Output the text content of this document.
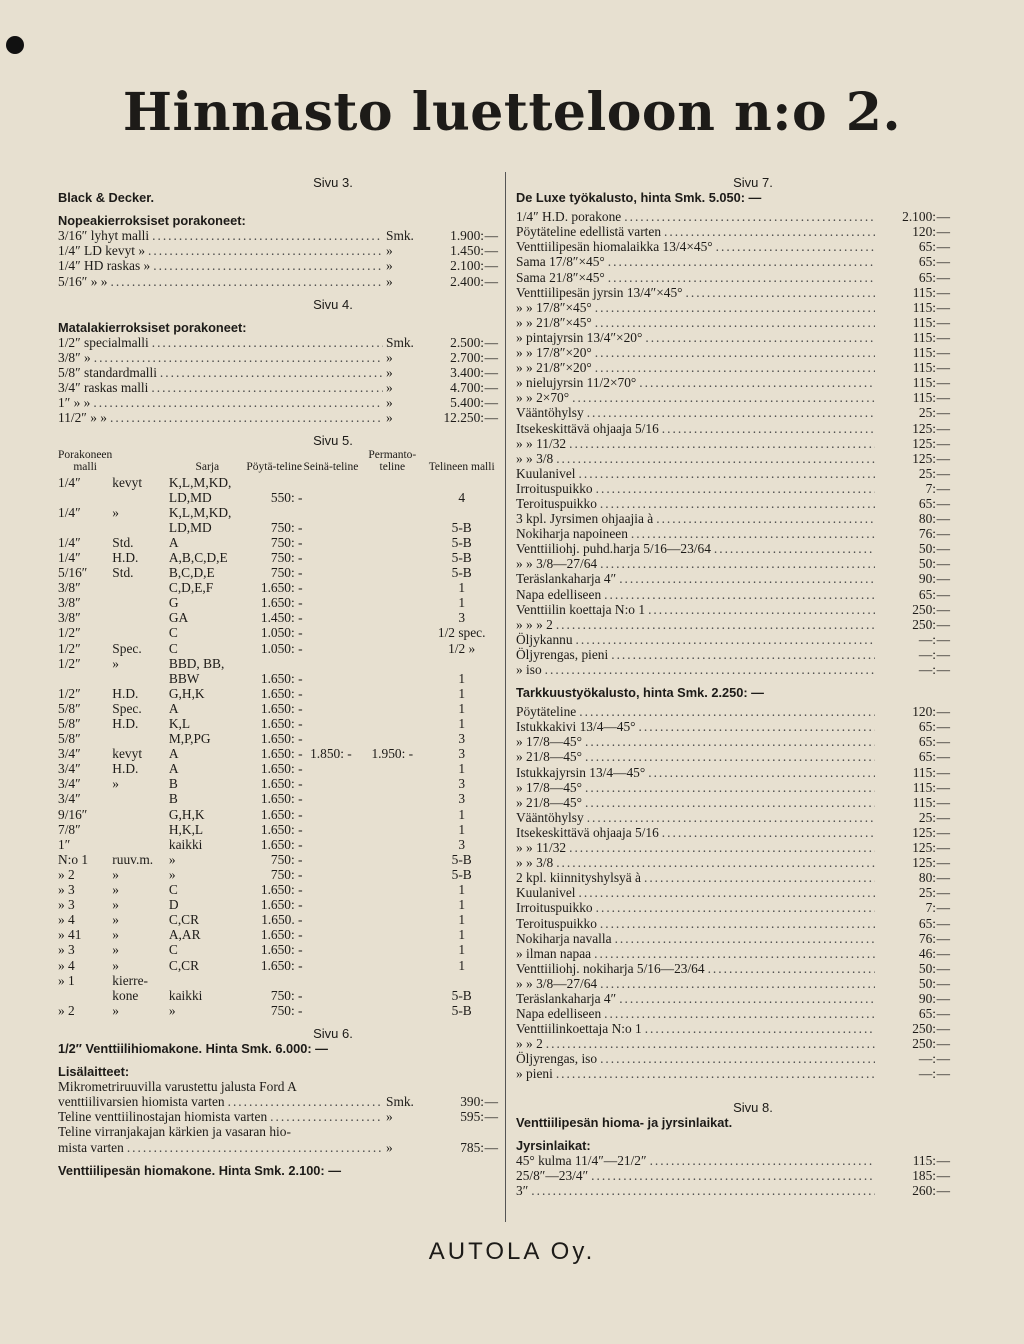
Hinnasto luetteloon n:o 2.

Sivu 3.

Black & Decker.
Nopeakierroksiset porakoneet:
3/16″ lyhyt malli .....	Smk.	1.900: —
1/4″ LD kevyt » .....	»	1.450: —
1/4″ HD raskas » .....	»	2.100: —
5/16″ » » .....	»	2.400: —

Sivu 4.

Matalakierroksiset porakoneet:
1/2″ specialmalli .....	Smk.	2.500: —
3/8″ » .....	»	2.700: —
5/8″ standardmalli .....	»	3.400: —
3/4″ raskas malli .....	»	4.700: —
1″ » » .....	»	5.400: —
11/2″ » » .....	»	12.250: —

Sivu 5.

Porakoneen malli		Sarja	Pöytä-teline	Seinä-teline	Permanto-teline	Telineen malli
1/4″	kevyt	K,L,M,KD,				
		LD,MD	550: -			4
1/4″	»	K,L,M,KD,				
		LD,MD	750: -			5-B
1/4″	Std.	A	750: -			5-B
1/4″	H.D.	A,B,C,D,E	750: -			5-B
5/16″	Std.	B,C,D,E	750: -			5-B
3/8″		C,D,E,F	1.650: -			1
3/8″		G	1.650: -			1
3/8″		GA	1.450: -			3
1/2″		C	1.050: -			1/2 spec.
1/2″	Spec.	C	1.050: -			1/2 »
1/2″	»	BBD, BB,				
		BBW	1.650: -			1
1/2″	H.D.	G,H,K	1.650: -			1
5/8″	Spec.	A	1.650: -			1
5/8″	H.D.	K,L	1.650: -			1
5/8″		M,P,PG	1.650: -			3
3/4″	kevyt	A	1.650: -	1.850: -	1.950: -	3
3/4″	H.D.	A	1.650: -			1
3/4″	»	B	1.650: -			3
3/4″		B	1.650: -			3
9/16″		G,H,K	1.650: -			1
7/8″		H,K,L	1.650: -			1
1″		kaikki	1.650: -			3
N:o 1	ruuv.m.	»	750: -			5-B
» 2	»	»	750: -			5-B
» 3	»	C	1.650: -			1
» 3	»	D	1.650: -			1
» 4	»	C,CR	1.650. -			1
» 41	»	A,AR	1.650: -			1
» 3	»	C	1.650: -			1
» 4	»	C,CR	1.650: -			1
» 1	kierre-					
	kone	kaikki	750: -			5-B
» 2	»	»	750: -			5-B

Sivu 6.

1/2″ Venttiilihiomakone. Hinta Smk. 6.000: —
Lisälaitteet:
Mikrometriruuvilla varustettu jalusta Ford A
venttiilivarsien hiomista varten .....	Smk.	390: —
Teline venttiilinostajan hiomista varten .....	»	595: —
Teline virranjakajan kärkien ja vasaran hio-
mista varten .....	»	785: —
Venttiilipesän hiomakone. Hinta Smk. 2.100: —

Sivu 7.

De Luxe työkalusto, hinta Smk. 5.050: —
1/4″ H.D. porakone .....	2.100: —
Pöytäteline edellistä varten .....	120: —
Venttiilipesän hiomalaikka 13/4×45° .....	65: —
Sama 17/8″×45° .....	65: —
Sama 21/8″×45° .....	65: —
Venttiilipesän jyrsin 13/4″×45° .....	115: —
» » 17/8″×45° .....	115: —
» » 21/8″×45° .....	115: —
» pintajyrsin 13/4″×20° .....	115: —
» » 17/8″×20° .....	115: —
» » 21/8″×20° .....	115: —
» nielujyrsin 11/2×70° .....	115: —
» » 2×70° .....	115: —
Vääntöhylsy .....	25: —
Itsekeskittävä ohjaaja 5/16 .....	125: —
» » 11/32 .....	125: —
» » 3/8 .....	125: —
Kuulanivel .....	25: —
Irroituspuikko .....	7: —
Teroituspuikko .....	65: —
3 kpl. Jyrsimen ohjaajia à .....	80: —
Nokiharja napoineen .....	76: —
Venttiiliohj. puhd.harja 5/16—23/64 .....	50: —
» » 3/8—27/64 .....	50: —
Teräslankaharja 4″ .....	90: —
Napa edelliseen .....	65: —
Venttiilin koettaja N:o 1 .....	250: —
» » » 2 .....	250: —
Öljykannu .....	—: —
Öljyrengas, pieni .....	—: —
» iso .....	—: —
Tarkkuustyökalusto, hinta Smk. 2.250: —
Pöytäteline .....	120: —
Istukkakivi 13/4—45° .....	65: —
» 17/8—45° .....	65: —
» 21/8—45° .....	65: —
Istukkajyrsin 13/4—45° .....	115: —
» 17/8—45° .....	115: —
» 21/8—45° .....	115: —
Vääntöhylsy .....	25: —
Itsekeskittävä ohjaaja 5/16 .....	125: —
» » 11/32 .....	125: —
» » 3/8 .....	125: —
2 kpl. kiinnityshylsyä à .....	80: —
Kuulanivel .....	25: —
Irroituspuikko .....	7: —
Teroituspuikko .....	65: —
Nokiharja navalla .....	76: —
» ilman napaa .....	46: —
Venttiiliohj. nokiharja 5/16—23/64 .....	50: —
» » 3/8—27/64 .....	50: —
Teräslankaharja 4″ .....	90: —
Napa edelliseen .....	65: —
Venttiilinkoettaja N:o 1 .....	250: —
» » 2 .....	250: —
Öljyrengas, iso .....	—: —
» pieni .....	—: —

Sivu 8.

Venttiilipesän hioma- ja jyrsinlaikat.
Jyrsinlaikat:
45° kulma 11/4″—21/2″ .....	115: —
25/8″—23/4″ .....	185: —
3″ .....	260: —
AUTOLA Oy.
